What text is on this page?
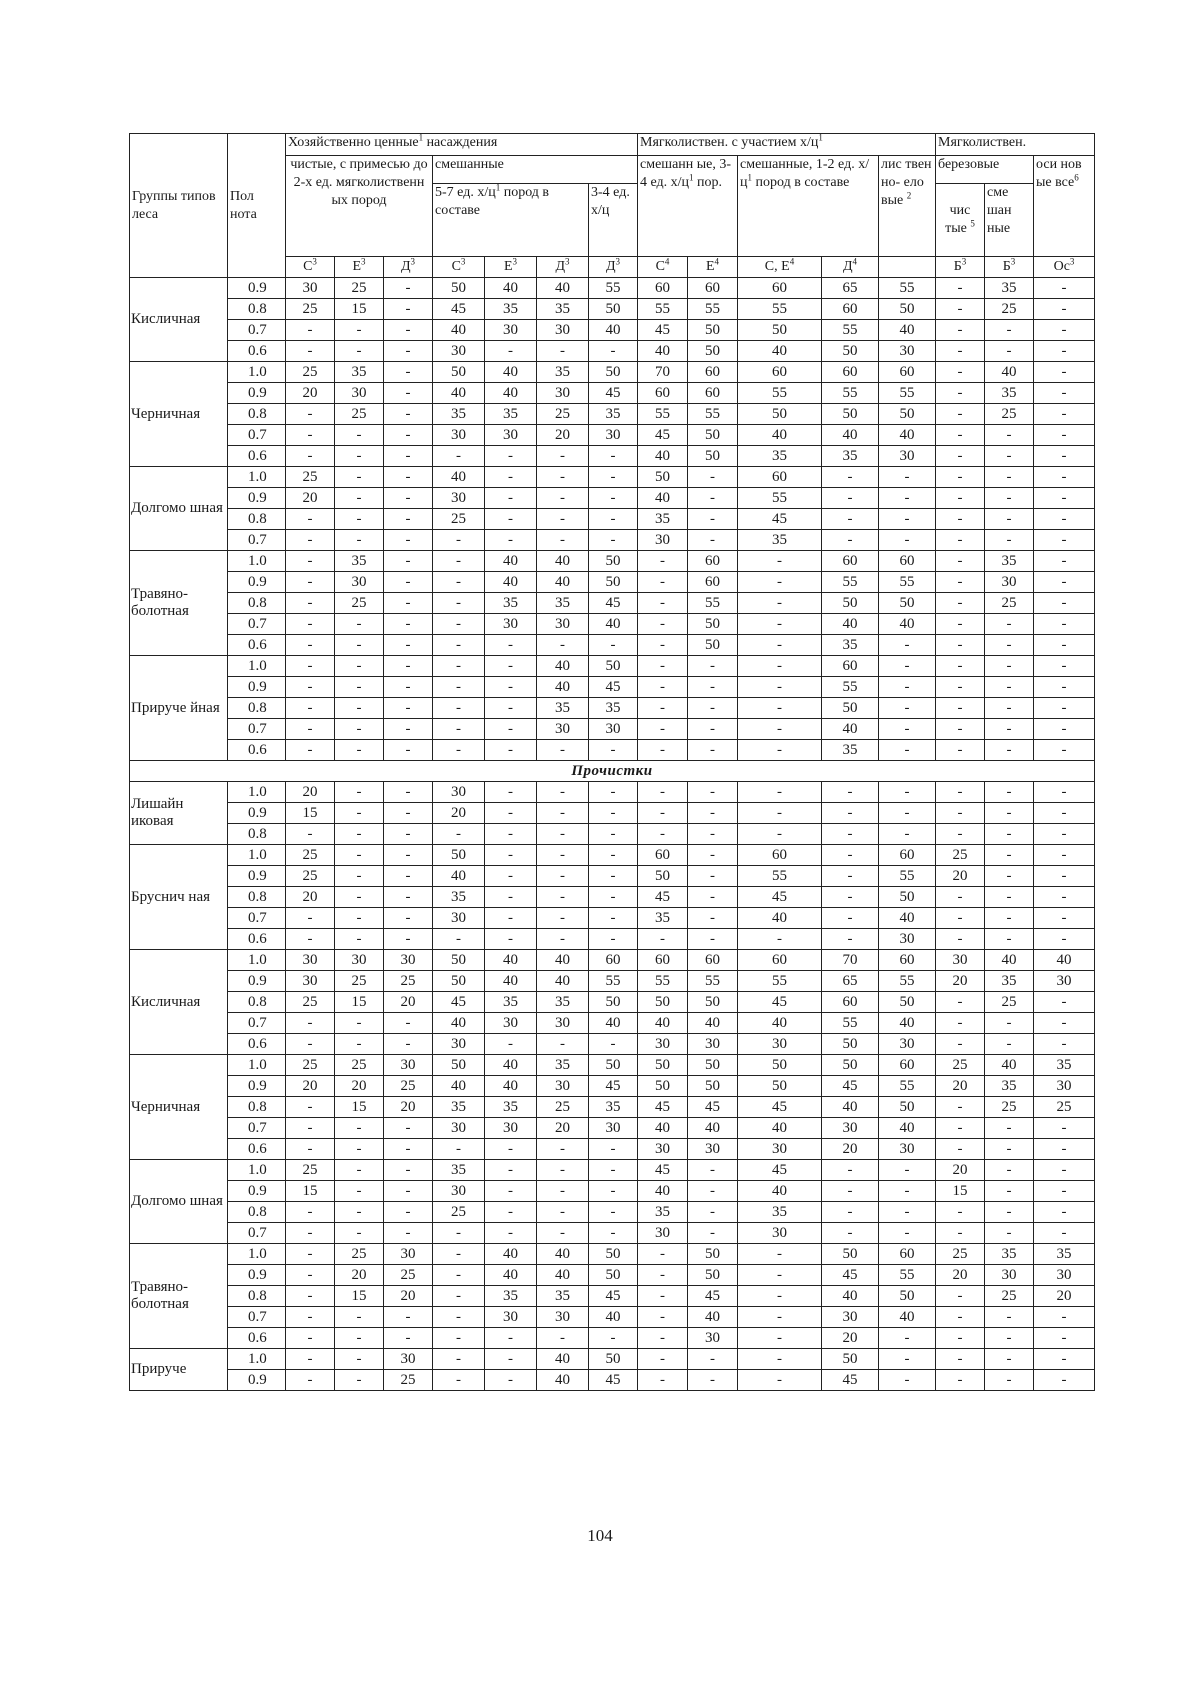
Группы типов леса	Пол нота	Хозяйственно ценные$^1$ насаждения							Мягколиствен. с участием $х/ц^1$					Мягколиствен.		
		чистые, с примесью до 2-х ед. мягколиственн ых пород			смешанные				смешанн ые, 3-4 ед. $х/ц^1$ пор.		смешанные, 1-2 ед. $х/ц^1$ пород в составе		лис твен но- ело вые $^2$	березовые		оси нов ые все$^6$
					5-7 ед. $х/ц^1$ пород в составе			3-4 ед. х/ц						чис тые $^5$	сме шан ные	
		$С^3$	$Е^3$	$Д^3$	$С^3$	$Е^3$	$Д^3$	$Д^3$	$С^4$	$Е^4$	С, $Е^4$	$Д^4$		$Б^3$	$Б^3$	$Ос^3$
Кисличная	0.9	30	25	-	50	40	40	55	60	60	60	65	55	-	35	-
	0.8	25	15	-	45	35	35	50	55	55	55	60	50	-	25	-
	0.7	-	-	-	40	30	30	40	45	50	50	55	40	-	-	-
	0.6	-	-	-	30	-	-	-	40	50	40	50	30	-	-	-
Черничная	1.0	25	35	-	50	40	35	50	70	60	60	60	60	-	40	-
	0.9	20	30	-	40	40	30	45	60	60	55	55	55	-	35	-
	0.8	-	25	-	35	35	25	35	55	55	50	50	50	-	25	-
	0.7	-	-	-	30	30	20	30	45	50	40	40	40	-	-	-
	0.6	-	-	-	-	-	-	-	40	50	35	35	30	-	-	-
Долгомо шная	1.0	25	-	-	40	-	-	-	50	-	60	-	-	-	-	-
	0.9	20	-	-	30	-	-	-	40	-	55	-	-	-	-	-
	0.8	-	-	-	25	-	-	-	35	-	45	-	-	-	-	-
	0.7	-	-	-	-	-	-	-	30	-	35	-	-	-	-	-
Травяно- болотная	1.0	-	35	-	-	40	40	50	-	60	-	60	60	-	35	-
	0.9	-	30	-	-	40	40	50	-	60	-	55	55	-	30	-
	0.8	-	25	-	-	35	35	45	-	55	-	50	50	-	25	-
	0.7	-	-	-	-	30	30	40	-	50	-	40	40	-	-	-
	0.6	-	-	-	-	-	-	-	-	50	-	35	-	-	-	-
Прируче йная	1.0	-	-	-	-	-	40	50	-	-	-	60	-	-	-	-
	0.9	-	-	-	-	-	40	45	-	-	-	55	-	-	-	-
	0.8	-	-	-	-	-	35	35	-	-	-	50	-	-	-	-
	0.7	-	-	-	-	-	30	30	-	-	-	40	-	-	-	-
	0.6	-	-	-	-	-	-	-	-	-	-	35	-	-	-	-
Прочистки																
Лишайн иковая	1.0	20	-	-	30	-	-	-	-	-	-	-	-	-	-	-
	0.9	15	-	-	20	-	-	-	-	-	-	-	-	-	-	-
	0.8	-	-	-	-	-	-	-	-	-	-	-	-	-	-	-
Бруснич ная	1.0	25	-	-	50	-	-	-	60	-	60	-	60	25	-	-
	0.9	25	-	-	40	-	-	-	50	-	55	-	55	20	-	-
	0.8	20	-	-	35	-	-	-	45	-	45	-	50	-	-	-
	0.7	-	-	-	30	-	-	-	35	-	40	-	40	-	-	-
	0.6	-	-	-	-	-	-	-	-	-	-	-	30	-	-	-
Кисличная	1.0	30	30	30	50	40	40	60	60	60	60	70	60	30	40	40
	0.9	30	25	25	50	40	40	55	55	55	55	65	55	20	35	30
	0.8	25	15	20	45	35	35	50	50	50	45	60	50	-	25	-
	0.7	-	-	-	40	30	30	40	40	40	40	55	40	-	-	-
	0.6	-	-	-	30	-	-	-	30	30	30	50	30	-	-	-
Черничная	1.0	25	25	30	50	40	35	50	50	50	50	50	60	25	40	35
	0.9	20	20	25	40	40	30	45	50	50	50	45	55	20	35	30
	0.8	-	15	20	35	35	25	35	45	45	45	40	50	-	25	25
	0.7	-	-	-	30	30	20	30	40	40	40	30	40	-	-	-
	0.6	-	-	-	-	-	-	-	30	30	30	20	30	-	-	-
Долгомо шная	1.0	25	-	-	35	-	-	-	45	-	45	-	-	20	-	-
	0.9	15	-	-	30	-	-	-	40	-	40	-	-	15	-	-
	0.8	-	-	-	25	-	-	-	35	-	35	-	-	-	-	-
	0.7	-	-	-	-	-	-	-	30	-	30	-	-	-	-	-
Травяно- болотная	1.0	-	25	30	-	40	40	50	-	50	-	50	60	25	35	35
	0.9	-	20	25	-	40	40	50	-	50	-	45	55	20	30	30
	0.8	-	15	20	-	35	35	45	-	45	-	40	50	-	25	20
	0.7	-	-	-	-	30	30	40	-	40	-	30	40	-	-	-
	0.6	-	-	-	-	-	-	-	-	30	-	20	-	-	-	-
Прируче	1.0	-	-	30	-	-	40	50	-	-	-	50	-	-	-	-
	0.9	-	-	25	-	-	40	45	-	-	-	45	-	-	-	-
104
